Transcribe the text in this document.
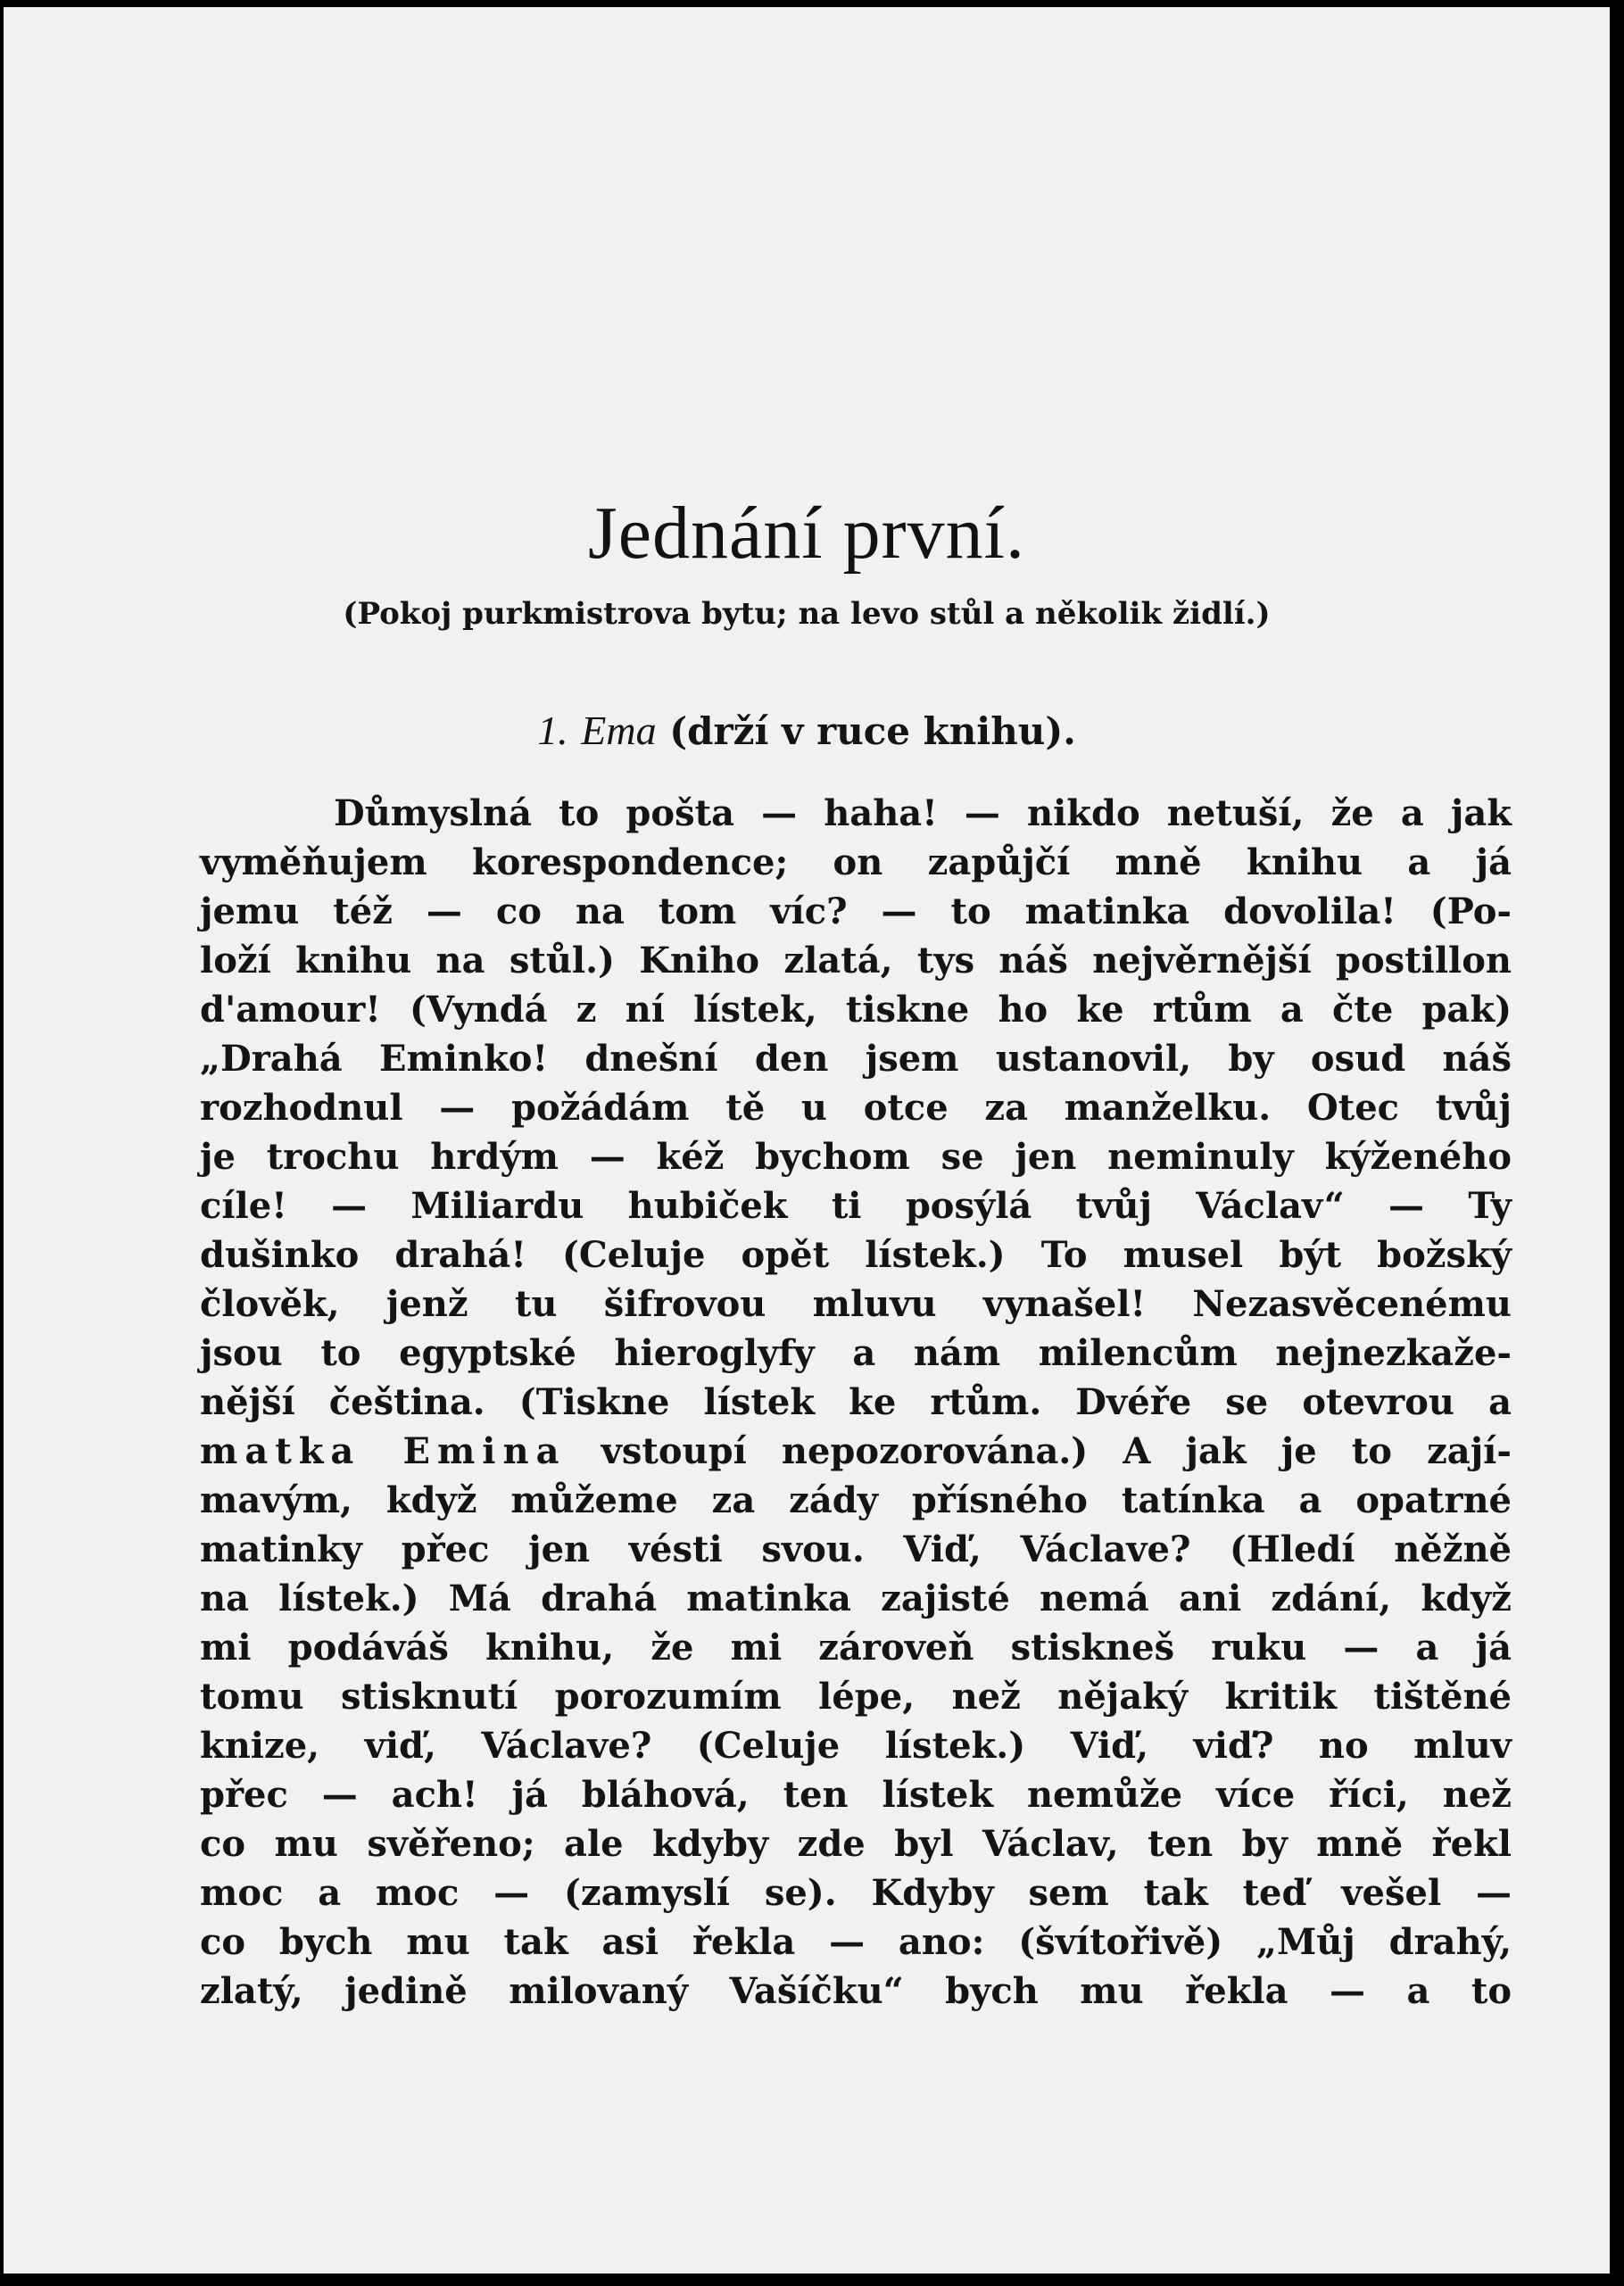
Jednání první.

(Pokoj purkmistrova bytu; na levo stůl a několik židlí.)

1. Ema (drží v ruce knihu).

Důmyslná to pošta — haha! — nikdo netuší, že a jak
vyměňujem korespondence; on zapůjčí mně knihu a já
jemu též — co na tom víc? — to matinka dovolila! (Po-
loží knihu na stůl.) Kniho zlatá, tys náš nejvěrnější postillon
d'amour! (Vyndá z ní lístek, tiskne ho ke rtům a čte pak)
„Drahá Eminko! dnešní den jsem ustanovil, by osud náš
rozhodnul — požádám tě u otce za manželku. Otec tvůj
je trochu hrdým — kéž bychom se jen neminuly kýženého
cíle! — Miliardu hubiček ti posýlá tvůj Václav“ — Ty
dušinko drahá! (Celuje opět lístek.) To musel být božský
člověk, jenž tu šifrovou mluvu vynašel! Nezasvěcenému
jsou to egyptské hieroglyfy a nám milencům nejnezkaže-
nější čeština. (Tiskne lístek ke rtům. Dvéře se otevrou a
matka Emina vstoupí nepozorována.) A jak je to zají-
mavým, když můžeme za zády přísného tatínka a opatrné
matinky přec jen vésti svou. Viď, Václave? (Hledí něžně
na lístek.) Má drahá matinka zajisté nemá ani zdání, když
mi podáváš knihu, že mi zároveň stiskneš ruku — a já
tomu stisknutí porozumím lépe, než nějaký kritik tištěné
knize, viď, Václave? (Celuje lístek.) Viď, viď? no mluv
přec — ach! já bláhová, ten lístek nemůže více říci, než
co mu svěřeno; ale kdyby zde byl Václav, ten by mně řekl
moc a moc — (zamyslí se). Kdyby sem tak teď vešel —
co bych mu tak asi řekla — ano: (švítořivě) „Můj drahý,
zlatý, jedině milovaný Vašíčku“ bych mu řekla — a to
